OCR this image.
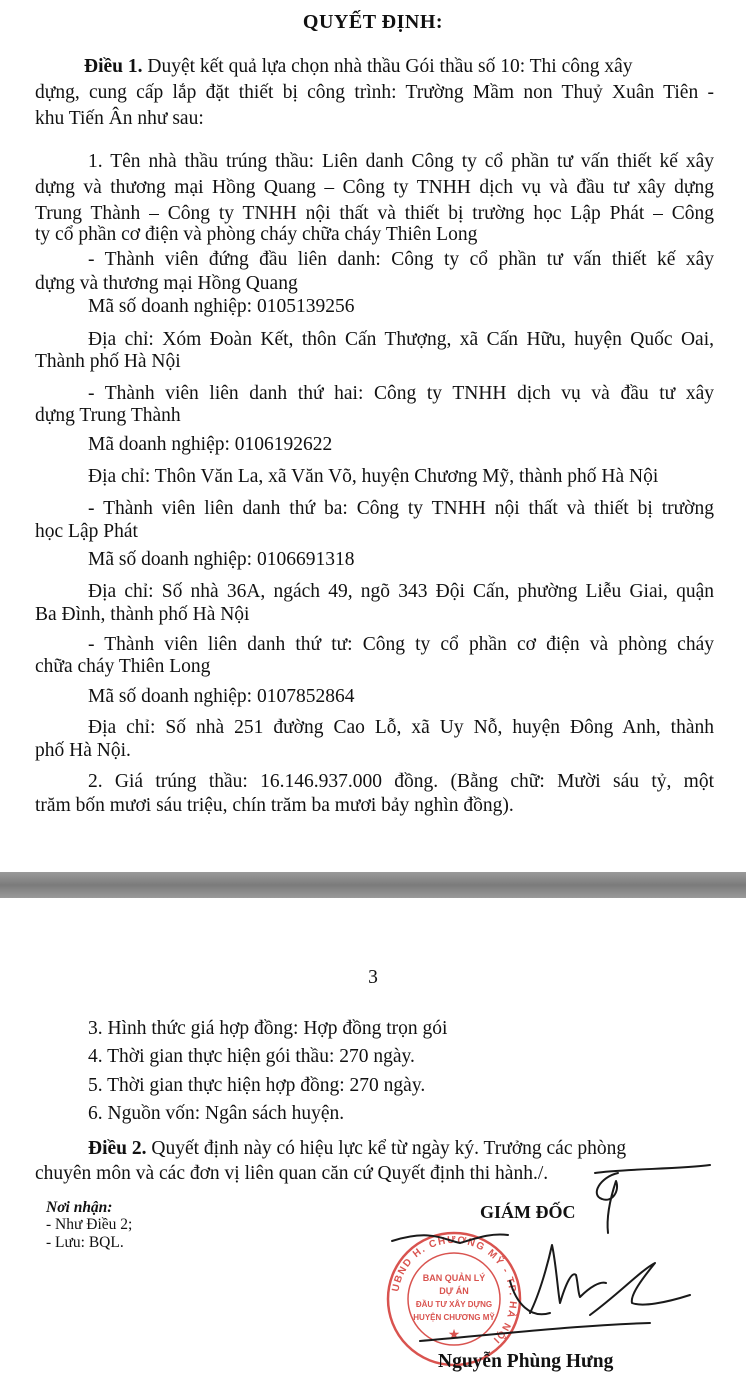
QUYẾT ĐỊNH:
Điều 1. Duyệt kết quả lựa chọn nhà thầu Gói thầu số 10: Thi công xây
dựng, cung cấp lắp đặt thiết bị công trình: Trường Mầm non Thuỷ Xuân Tiên -
khu Tiến Ân như sau:
1. Tên nhà thầu trúng thầu: Liên danh Công ty cổ phần tư vấn thiết kế xây
dựng và thương mại Hồng Quang – Công ty TNHH dịch vụ và đầu tư xây dựng
Trung Thành – Công ty TNHH nội thất và thiết bị trường học Lập Phát – Công
ty cổ phần cơ điện và phòng cháy chữa cháy Thiên Long
- Thành viên đứng đầu liên danh: Công ty cổ phần tư vấn thiết kế xây
dựng và thương mại Hồng Quang
Mã số doanh nghiệp: 0105139256
Địa chỉ: Xóm Đoàn Kết, thôn Cấn Thượng, xã Cấn Hữu, huyện Quốc Oai,
Thành phố Hà Nội
- Thành viên liên danh thứ hai: Công ty TNHH dịch vụ và đầu tư xây
dựng Trung Thành
Mã doanh nghiệp: 0106192622
Địa chỉ: Thôn Văn La, xã Văn Võ, huyện Chương Mỹ, thành phố Hà Nội
- Thành viên liên danh thứ ba: Công ty TNHH nội thất và thiết bị trường
học Lập Phát
Mã số doanh nghiệp: 0106691318
Địa chỉ: Số nhà 36A, ngách 49, ngõ 343 Đội Cấn, phường Liễu Giai, quận
Ba Đình, thành phố Hà Nội
- Thành viên liên danh thứ tư: Công ty cổ phần cơ điện và phòng cháy
chữa cháy Thiên Long
Mã số doanh nghiệp: 0107852864
Địa chỉ: Số nhà 251 đường Cao Lỗ, xã Uy Nỗ, huyện Đông Anh, thành
phố Hà Nội.
2. Giá trúng thầu: 16.146.937.000 đồng. (Bằng chữ: Mười sáu tỷ, một
trăm bốn mươi sáu triệu, chín trăm ba mươi bảy nghìn đồng).
3
3. Hình thức giá hợp đồng: Hợp đồng trọn gói
4. Thời gian thực hiện gói thầu: 270 ngày.
5. Thời gian thực hiện hợp đồng: 270 ngày.
6. Nguồn vốn: Ngân sách huyện.
Điều 2. Quyết định này có hiệu lực kể từ ngày ký. Trưởng các phòng
chuyên môn và các đơn vị liên quan căn cứ Quyết định thi hành./.
Nơi nhận:
- Như Điều 2;
- Lưu: BQL.
GIÁM ĐỐC
UBND H. CHƯƠNG MỸ - TP. HÀ NỘI
BAN QUẢN LÝ
DỰ ÁN
ĐẦU TƯ XÂY DỰNG
HUYỆN CHƯƠNG MỸ
★
Nguyễn Phùng Hưng
